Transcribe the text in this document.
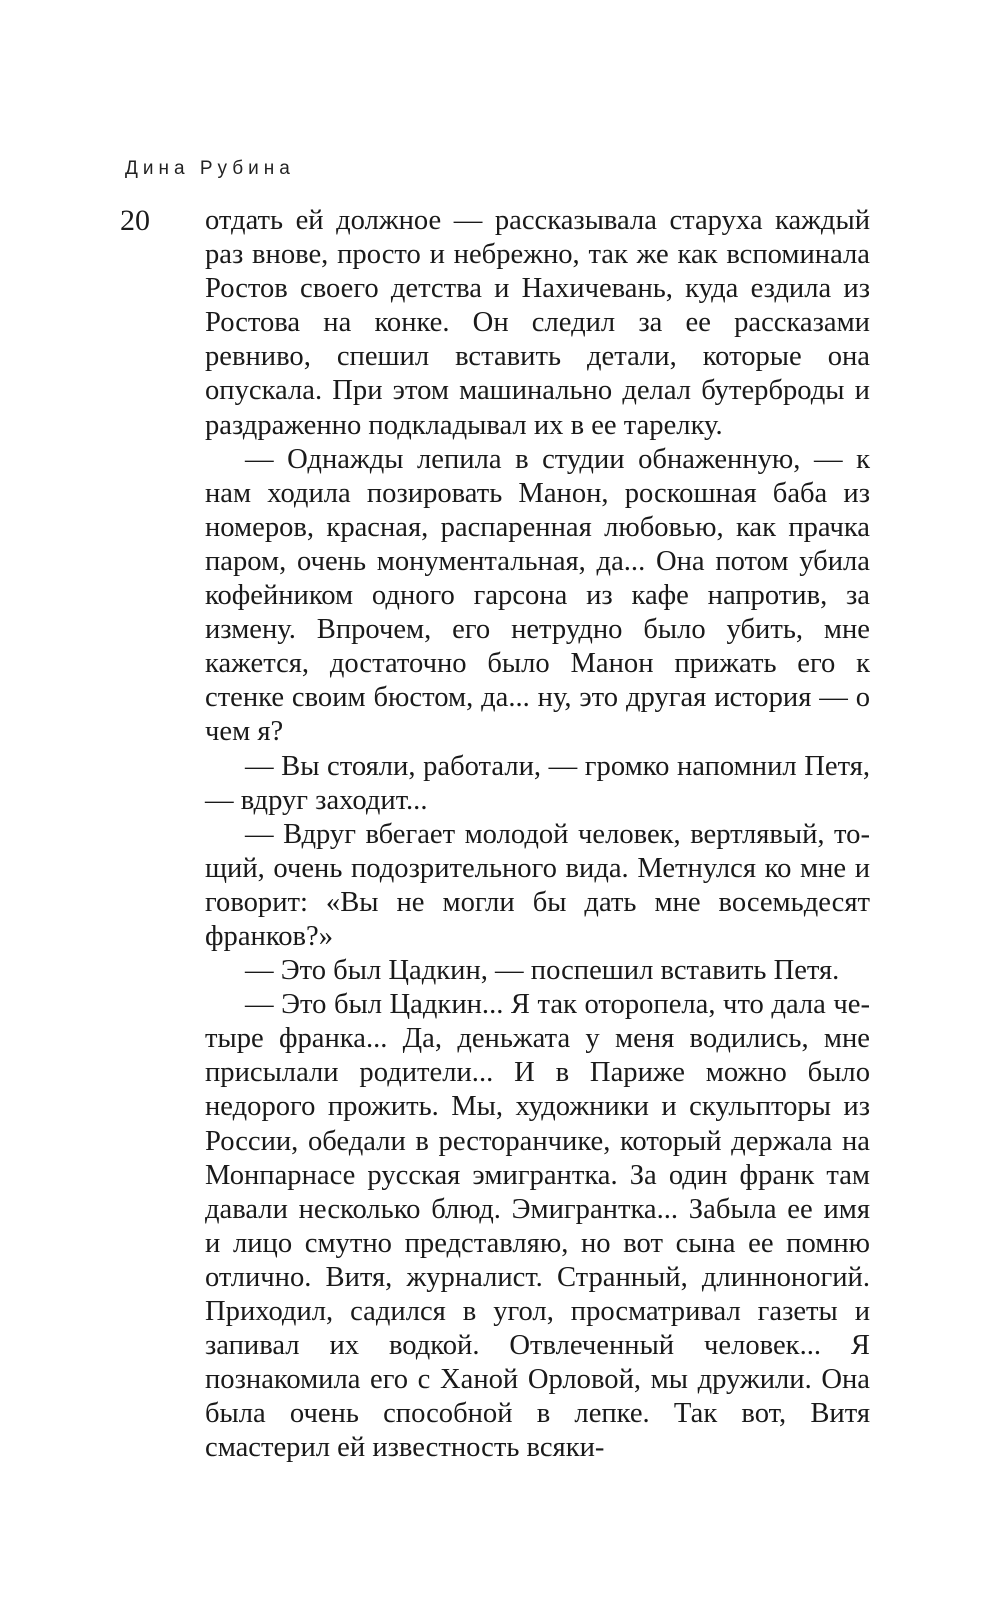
Дина Рубина
20 отдать ей должное — рассказывала старуха каждый раз внове, просто и небрежно, так же как вспоминала Ростов своего детства и Нахичевань, куда ездила из Ростова на конке. Он следил за ее рассказами ревниво, спешил вставить детали, которые она опускала. При этом машинально делал бутерброды и раздраженно подкладывал их в ее тарелку.

— Однажды лепила в студии обнаженную, — к нам ходила позировать Манон, роскошная баба из номеров, красная, распаренная любовью, как прачка паром, очень монументальная, да... Она потом убила кофейником одного гарсона из кафе напротив, за измену. Впрочем, его нетрудно было убить, мне кажется, достаточно было Манон прижать его к стенке своим бюстом, да... ну, это другая история — о чем я?

— Вы стояли, работали, — громко напомнил Петя, — вдруг заходит...

— Вдруг вбегает молодой человек, вертлявый, тощий, очень подозрительного вида. Метнулся ко мне и говорит: «Вы не могли бы дать мне восемьдесят франков?»

— Это был Цадкин, — поспешил вставить Петя.

— Это был Цадкин... Я так оторопела, что дала четыре франка... Да, деньжата у меня водились, мне присылали родители... И в Париже можно было недорого прожить. Мы, художники и скульпторы из России, обедали в ресторанчике, который держала на Монпарнасе русская эмигрантка. За один франк там давали несколько блюд. Эмигрантка... Забыла ее имя и лицо смутно представляю, но вот сына ее помню отлично. Витя, журналист. Странный, длинноногий. Приходил, садился в угол, просматривал газеты и запивал их водкой. Отвлеченный человек... Я познакомила его с Ханой Орловой, мы дружили. Она была очень способной в лепке. Так вот, Витя смастерил ей известность всяки-
